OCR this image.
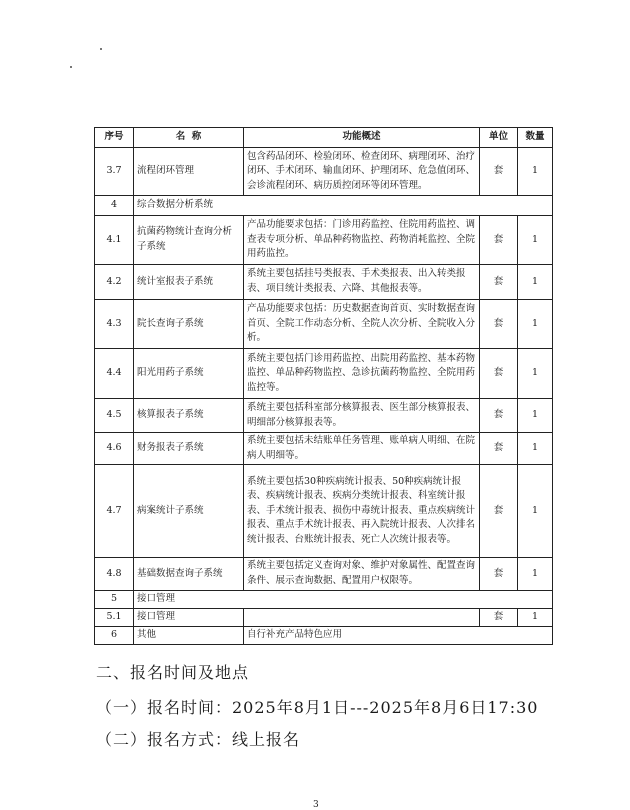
序号	名  称	功能概述	单位	数量
3.7	流程闭环管理	包含药品闭环、检验闭环、检查闭环、病理闭环、治疗闭环、手术闭环、输血闭环、护理闭环、危急值闭环、会诊流程闭环、病历质控闭环等闭环管理。	套	1
4	综合数据分析系统			
4.1	抗菌药物统计查询分析子系统	产品功能要求包括：门诊用药监控、住院用药监控、调查表专项分析、单品种药物监控、药物消耗监控、全院用药监控。	套	1
4.2	统计室报表子系统	系统主要包括挂号类报表、手术类报表、出入转类报表、项目统计类报表、六降、其他报表等。	套	1
4.3	院长查询子系统	产品功能要求包括：历史数据查询首页、实时数据查询首页、全院工作动态分析、全院人次分析、全院收入分析。	套	1
4.4	阳光用药子系统	系统主要包括门诊用药监控、出院用药监控、基本药物监控、单品种药物监控、急诊抗菌药物监控、全院用药监控等。	套	1
4.5	核算报表子系统	系统主要包括科室部分核算报表、医生部分核算报表、明细部分核算报表等。	套	1
4.6	财务报表子系统	系统主要包括未结账单任务管理、账单病人明细、在院病人明细等。	套	1
4.7	病案统计子系统	系统主要包括30种疾病统计报表、50种疾病统计报表、疾病统计报表、疾病分类统计报表、科室统计报表、手术统计报表、损伤中毒统计报表、重点疾病统计报表、重点手术统计报表、再入院统计报表、人次排名统计报表、台账统计报表、死亡人次统计报表等。	套	1
4.8	基础数据查询子系统	系统主要包括定义查询对象、维护对象属性、配置查询条件、展示查询数据、配置用户权限等。	套	1
5	接口管理			
5.1	接口管理		套	1
6	其他	自行补充产品特色应用		
二、报名时间及地点
（一）报名时间：2025年8月1日---2025年8月6日17:30
（二）报名方式：线上报名
3
